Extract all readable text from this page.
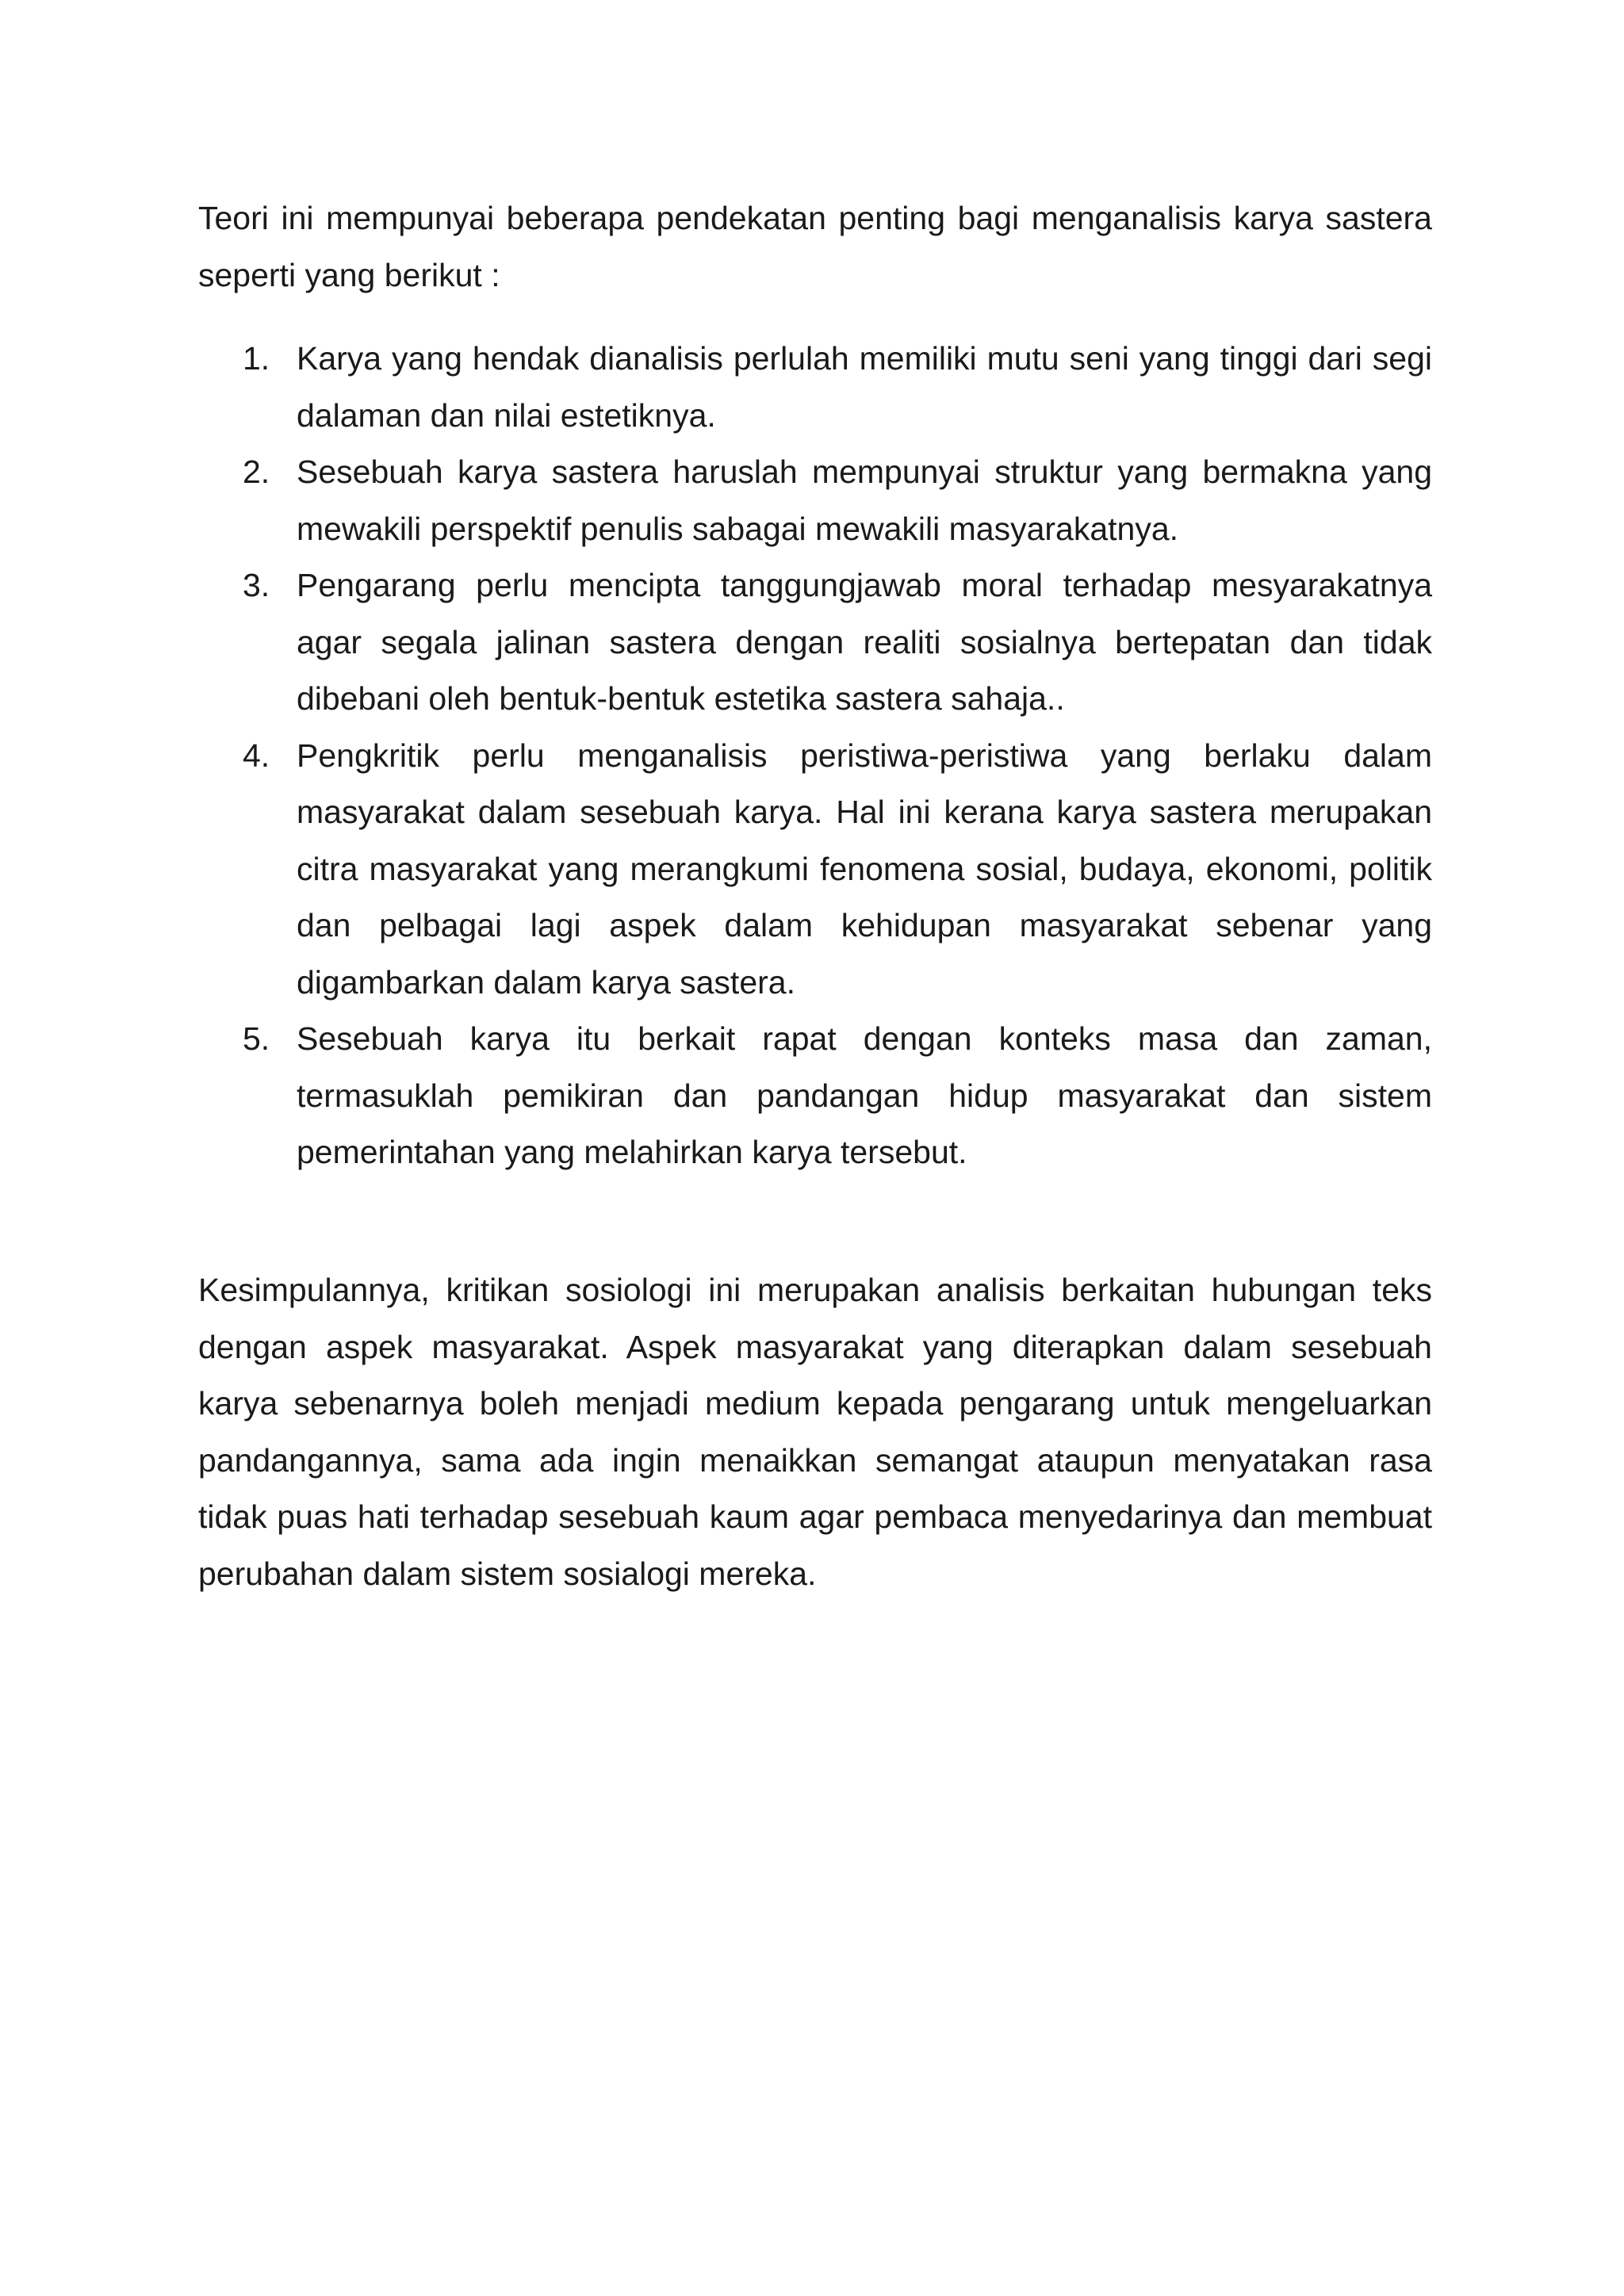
Teori ini mempunyai beberapa pendekatan penting bagi menganalisis karya sastera seperti yang berikut :

1. Karya yang hendak dianalisis perlulah memiliki mutu seni yang tinggi dari segi dalaman dan nilai estetiknya.
2. Sesebuah karya sastera haruslah mempunyai struktur yang bermakna yang mewakili perspektif penulis sabagai mewakili masyarakatnya.
3. Pengarang perlu mencipta tanggungjawab moral terhadap mesyarakatnya agar segala jalinan sastera dengan realiti sosialnya bertepatan dan tidak dibebani oleh bentuk-bentuk estetika sastera sahaja..
4. Pengkritik perlu menganalisis peristiwa-peristiwa yang berlaku dalam masyarakat dalam sesebuah karya. Hal ini kerana karya sastera merupakan citra masyarakat yang merangkumi fenomena sosial, budaya, ekonomi, politik dan pelbagai lagi aspek dalam kehidupan masyarakat sebenar yang digambarkan dalam karya sastera.
5. Sesebuah karya itu berkait rapat dengan konteks masa dan zaman, termasuklah pemikiran dan pandangan hidup masyarakat dan sistem pemerintahan yang melahirkan karya tersebut.

Kesimpulannya, kritikan sosiologi ini merupakan analisis berkaitan hubungan teks dengan aspek masyarakat. Aspek masyarakat yang diterapkan dalam sesebuah karya sebenarnya boleh menjadi medium kepada pengarang untuk mengeluarkan pandangannya, sama ada ingin menaikkan semangat ataupun menyatakan rasa tidak puas hati terhadap sesebuah kaum agar pembaca menyedarinya dan membuat perubahan dalam sistem sosialogi mereka.
